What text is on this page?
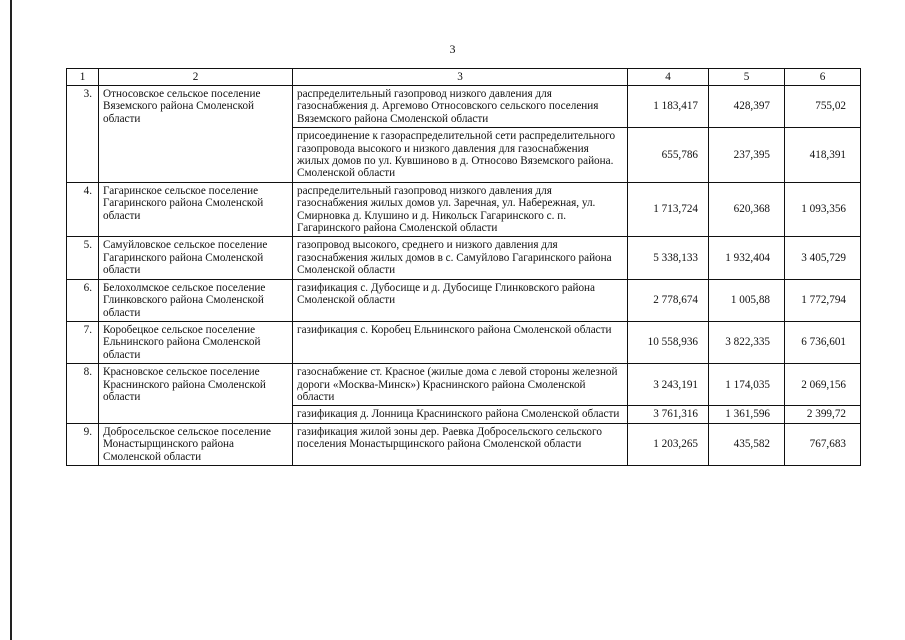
3
1	2	3	4	5	6
3.	Относовское сельское поселение Вяземского района Смоленской области	распределительный газопровод низкого давления для газоснабжения д. Аргемово Относовского сельского поселения Вяземского района Смоленской области	1 183,417	428,397	755,02
		присоединение к газораспределительной сети распределительного газопровода высокого и низкого давления для газоснабжения жилых домов по ул. Кувшиново в д. Относово Вяземского района. Смоленской области	655,786	237,395	418,391
4.	Гагаринское сельское поселение Гагаринского района Смоленской области	распределительный газопровод низкого давления для газоснабжения жилых домов ул. Заречная, ул. Набережная, ул. Смирновка д. Клушино и д. Никольск Гагаринского с. п. Гагаринского района Смоленской области	1 713,724	620,368	1 093,356
5.	Самуйловское сельское поселение Гагаринского района Смоленской области	газопровод высокого, среднего и низкого давления для газоснабжения жилых домов в с. Самуйлово Гагаринского района Смоленской области	5 338,133	1 932,404	3 405,729
6.	Белохолмское сельское поселение Глинковского района Смоленской области	газификация с. Дубосище и д. Дубосище Глинковского района Смоленской области	2 778,674	1 005,88	1 772,794
7.	Коробецкое сельское поселение Ельнинского района Смоленской области	газификация с. Коробец Ельнинского района Смоленской области	10 558,936	3 822,335	6 736,601
8.	Красновское сельское поселение Краснинского района Смоленской области	газоснабжение ст. Красное (жилые дома с левой стороны железной дороги «Москва-Минск») Краснинского района Смоленской области	3 243,191	1 174,035	2 069,156
		газификация д. Лонница Краснинского района Смоленской области	3 761,316	1 361,596	2 399,72
9.	Добросельское сельское поселение Монастырщинского района Смоленской области	газификация жилой зоны дер. Раевка Добросельского сельского поселения Монастырщинского района Смоленской области	1 203,265	435,582	767,683
